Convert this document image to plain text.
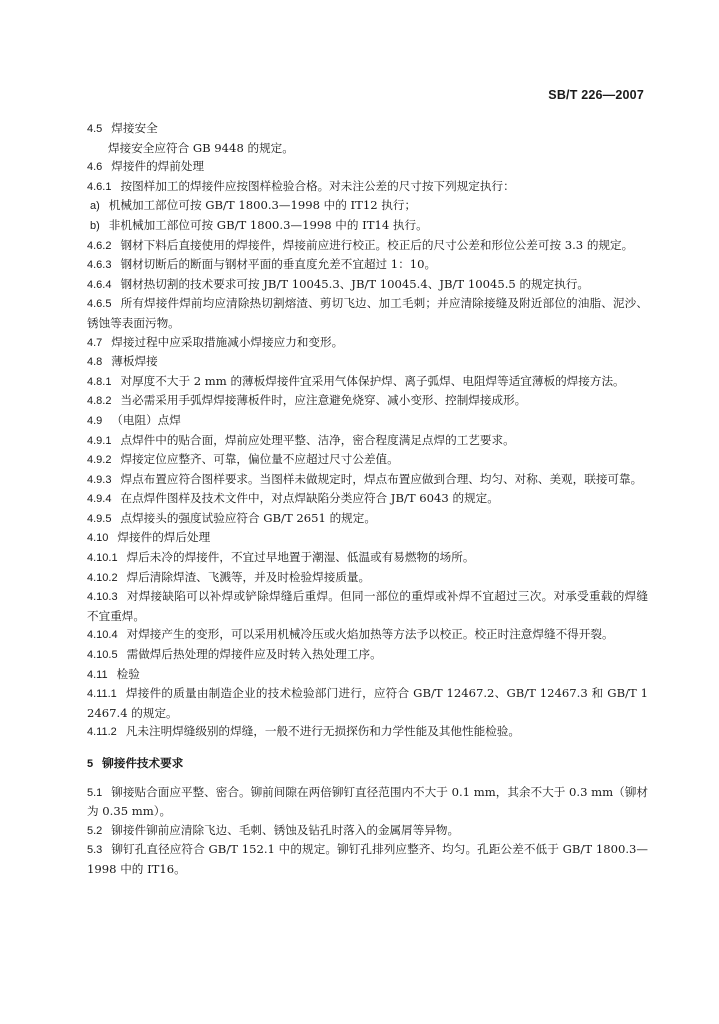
SB/T 226—2007
4.5 焊接安全
焊接安全应符合 GB 9448 的规定。
4.6 焊接件的焊前处理
4.6.1 按图样加工的焊接件应按图样检验合格。对未注公差的尺寸按下列规定执行：
a) 机械加工部位可按 GB/T 1800.3—1998 中的 IT12 执行；
b) 非机械加工部位可按 GB/T 1800.3—1998 中的 IT14 执行。
4.6.2 钢材下料后直接使用的焊接件，焊接前应进行校正。校正后的尺寸公差和形位公差可按 3.3 的规定。
4.6.3 钢材切断后的断面与钢材平面的垂直度允差不宜超过 1：10。
4.6.4 钢材热切割的技术要求可按 JB/T 10045.3、JB/T 10045.4、JB/T 10045.5 的规定执行。
4.6.5 所有焊接件焊前均应清除热切割熔渣、剪切飞边、加工毛刺；并应清除接缝及附近部位的油脂、泥沙、锈蚀等表面污物。
4.7 焊接过程中应采取措施减小焊接应力和变形。
4.8 薄板焊接
4.8.1 对厚度不大于 2 mm 的薄板焊接件宜采用气体保护焊、离子弧焊、电阻焊等适宜薄板的焊接方法。
4.8.2 当必需采用手弧焊焊接薄板件时，应注意避免烧穿、减小变形、控制焊接成形。
4.9 （电阻）点焊
4.9.1 点焊件中的贴合面，焊前应处理平整、洁净，密合程度满足点焊的工艺要求。
4.9.2 焊接定位应整齐、可靠，偏位量不应超过尺寸公差值。
4.9.3 焊点布置应符合图样要求。当图样未做规定时，焊点布置应做到合理、均匀、对称、美观，联接可靠。
4.9.4 在点焊件图样及技术文件中，对点焊缺陷分类应符合 JB/T 6043 的规定。
4.9.5 点焊接头的强度试验应符合 GB/T 2651 的规定。
4.10 焊接件的焊后处理
4.10.1 焊后未冷的焊接件，不宜过早地置于潮湿、低温或有易燃物的场所。
4.10.2 焊后清除焊渣、飞溅等，并及时检验焊接质量。
4.10.3 对焊接缺陷可以补焊或铲除焊缝后重焊。但同一部位的重焊或补焊不宜超过三次。对承受重载的焊缝不宜重焊。
4.10.4 对焊接产生的变形，可以采用机械冷压或火焰加热等方法予以校正。校正时注意焊缝不得开裂。
4.10.5 需做焊后热处理的焊接件应及时转入热处理工序。
4.11 检验
4.11.1 焊接件的质量由制造企业的技术检验部门进行，应符合 GB/T 12467.2、GB/T 12467.3 和 GB/T 12467.4 的规定。
4.11.2 凡未注明焊缝级别的焊缝，一般不进行无损探伤和力学性能及其他性能检验。
5 铆接件技术要求
5.1 铆接贴合面应平整、密合。铆前间隙在两倍铆钉直径范围内不大于 0.1 mm，其余不大于 0.3 mm（铆材为 0.35 mm）。
5.2 铆接件铆前应清除飞边、毛刺、锈蚀及钻孔时落入的金属屑等异物。
5.3 铆钉孔直径应符合 GB/T 152.1 中的规定。铆钉孔排列应整齐、均匀。孔距公差不低于 GB/T 1800.3—1998 中的 IT16。
